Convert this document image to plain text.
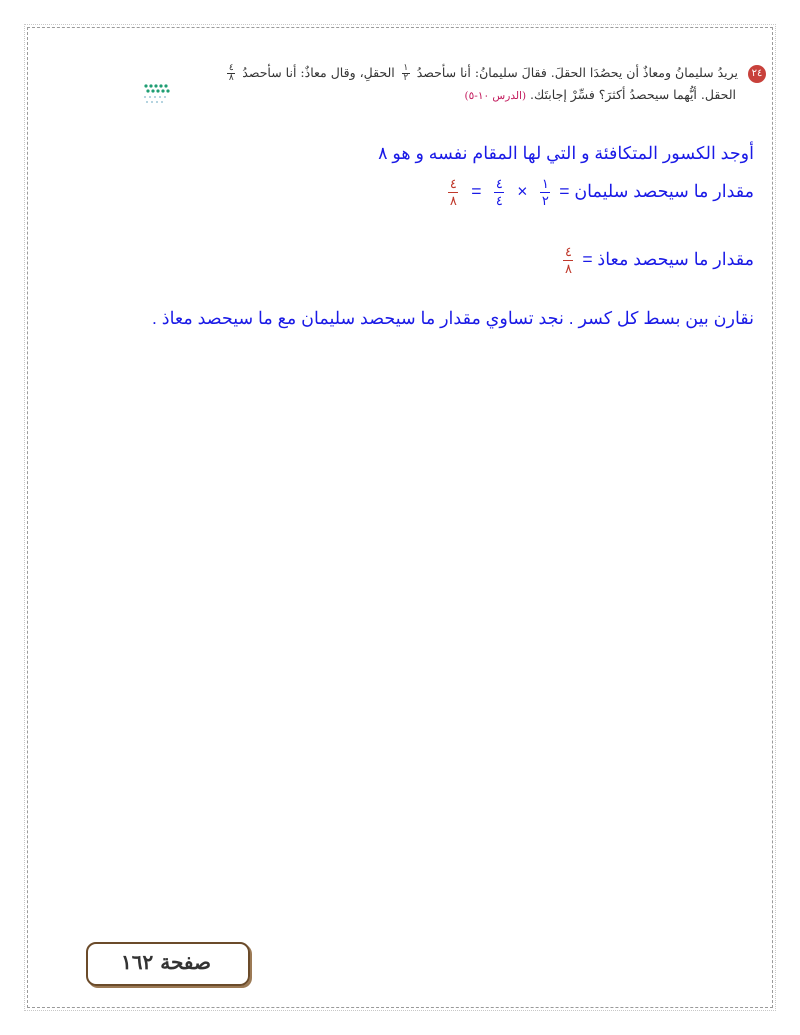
٢٤ يريدُ سليمانُ ومعاذٌ أن يحصُدَا الحقلَ. فقالَ سليمانُ: أنا سأحصدُ
$\frac{١}{٢}$
الحقلِ، وقال معاذٌ: أنا سأحصدُ
$\frac{٤}{٨}$
الحقل. أيُّهما سيحصدُ أكثرَ؟ فسِّرْ إجابتَك. (الدرس ١٠-٥)
أوجد الكسور المتكافئة و التي لها المقام نفسه و هو ٨
مقدار ما سيحصد سليمان =
$\frac{١}{٢}$
×
$\frac{٤}{٤}$
=
$\frac{٤}{٨}$
مقدار ما سيحصد معاذ =
$\frac{٤}{٨}$
نقارن بين بسط كل كسر . نجد تساوي مقدار ما سيحصد سليمان مع ما سيحصد معاذ .
صفحة ١٦٢
